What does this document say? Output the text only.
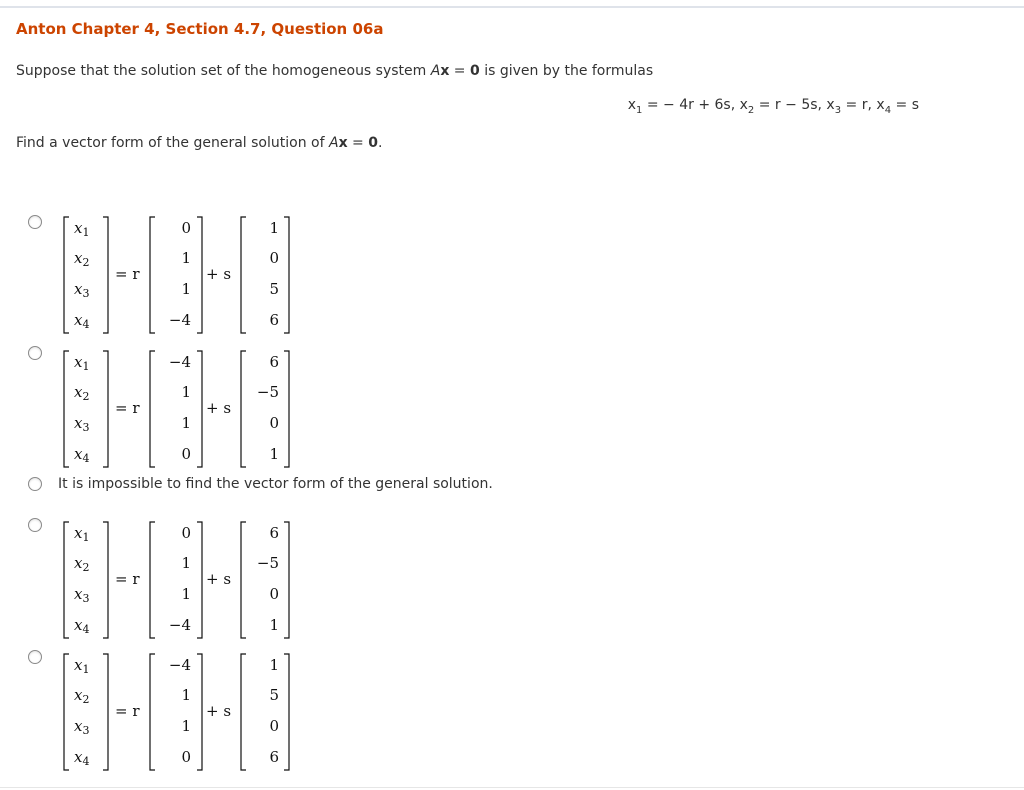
Anton Chapter 4, Section 4.7, Question 06a
Suppose that the solution set of the homogeneous system Ax = 0 is given by the formulas
$x_1$ = − 4r + 6s, $x_2 = r - 5s$, $x_3 = r$, $x_4 = s$
Find a vector form of the general solution of Ax = 0.
$x_1$
$x_2$
$x_3$
$x_4$
= r
0
1
1
−4
+ s
1
0
5
6
$x_1$
$x_2$
$x_3$
$x_4$
= r
−4
1
1
0
+ s
6
−5
0
1
It is impossible to find the vector form of the general solution.
$x_1$
$x_2$
$x_3$
$x_4$
= r
0
1
1
−4
+ s
6
−5
0
1
$x_1$
$x_2$
$x_3$
$x_4$
= r
−4
1
1
0
+ s
1
5
0
6
